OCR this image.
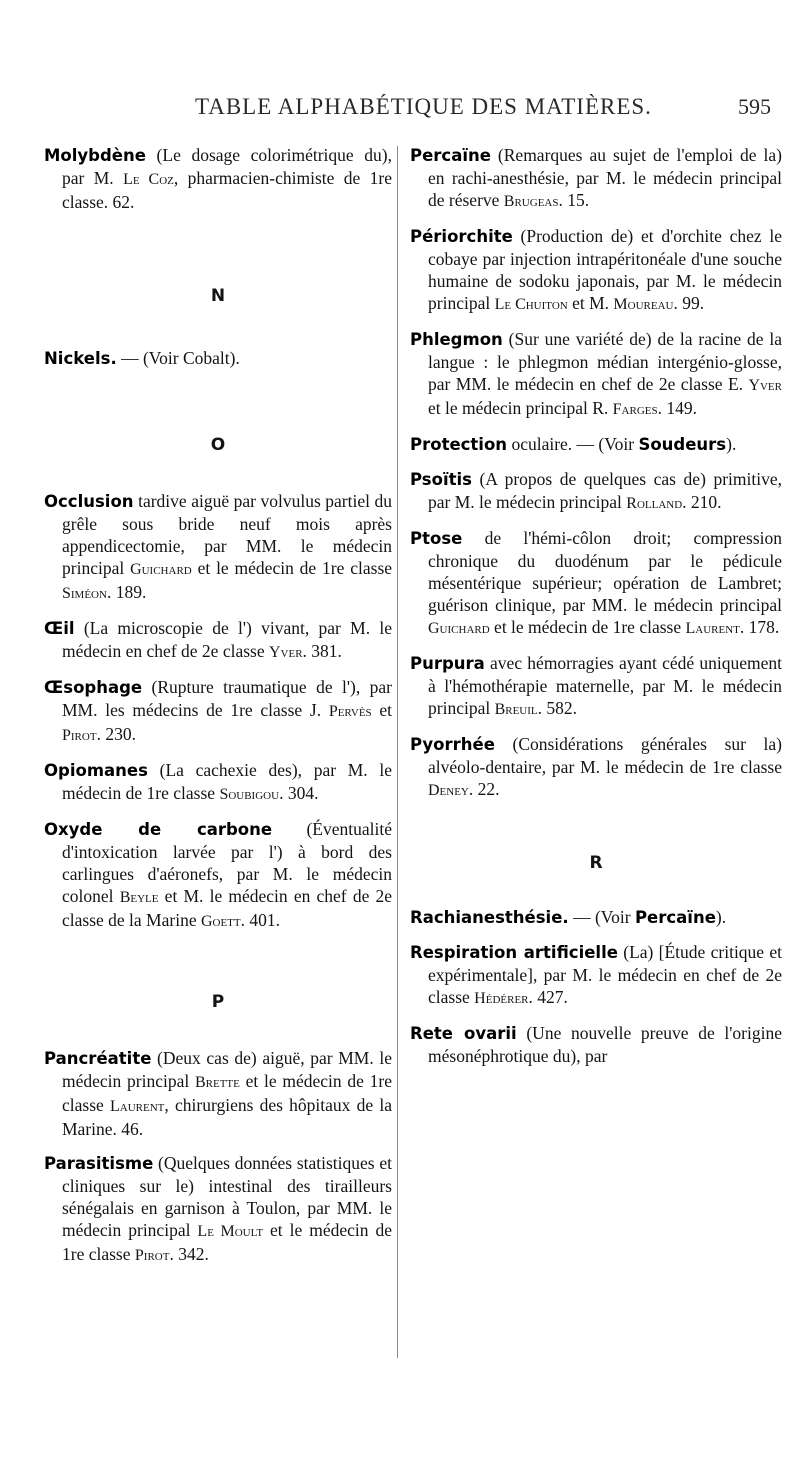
TABLE ALPHABÉTIQUE DES MATIÈRES.	595

Molybdène (Le dosage colorimétrique du), par M. Le Coz, pharmacien-chimiste de 1re classe. 62.

N

Nickels. — (Voir Cobalt).

O

Occlusion tardive aiguë par volvulus partiel du grêle sous bride neuf mois après appendicectomie, par MM. le médecin principal Guichard et le médecin de 1re classe Siméon. 189.

Œil (La microscopie de l') vivant, par M. le médecin en chef de 2e classe Yver. 381.

Œsophage (Rupture traumatique de l'), par MM. les médecins de 1re classe J. Pervès et Pirot. 230.

Opiomanes (La cachexie des), par M. le médecin de 1re classe Soubigou. 304.

Oxyde de carbone (Éventualité d'intoxication larvée par l') à bord des carlingues d'aéronefs, par M. le médecin colonel Beyle et M. le médecin en chef de 2e classe de la Marine Goett. 401.

P

Pancréatite (Deux cas de) aiguë, par MM. le médecin principal Brette et le médecin de 1re classe Laurent, chirurgiens des hôpitaux de la Marine. 46.

Parasitisme (Quelques données statistiques et cliniques sur le) intestinal des tirailleurs sénégalais en garnison à Toulon, par MM. le médecin principal Le Moult et le médecin de 1re classe Pirot. 342.

Percaïne (Remarques au sujet de l'emploi de la) en rachi-anesthésie, par M. le médecin principal de réserve Brugeas. 15.

Périorchite (Production de) et d'orchite chez le cobaye par injection intrapéritonéale d'une souche humaine de sodoku japonais, par M. le médecin principal Le Chuiton et M. Moureau. 99.

Phlegmon (Sur une variété de) de la racine de la langue : le phlegmon médian intergénio-glosse, par MM. le médecin en chef de 2e classe E. Yver et le médecin principal R. Farges. 149.

Protection oculaire. — (Voir Soudeurs).

Psoïtis (A propos de quelques cas de) primitive, par M. le médecin principal Rolland. 210.

Ptose de l'hémi-côlon droit; compression chronique du duodénum par le pédicule mésentérique supérieur; opération de Lambret; guérison clinique, par MM. le médecin principal Guichard et le médecin de 1re classe Laurent. 178.

Purpura avec hémorragies ayant cédé uniquement à l'hémothérapie maternelle, par M. le médecin principal Breuil. 582.

Pyorrhée (Considérations générales sur la) alvéolo-dentaire, par M. le médecin de 1re classe Deney. 22.

R

Rachianesthésie. — (Voir Percaïne).

Respiration artificielle (La) [Étude critique et expérimentale], par M. le médecin en chef de 2e classe Hédérer. 427.

Rete ovarii (Une nouvelle preuve de l'origine mésonéphrotique du), par
